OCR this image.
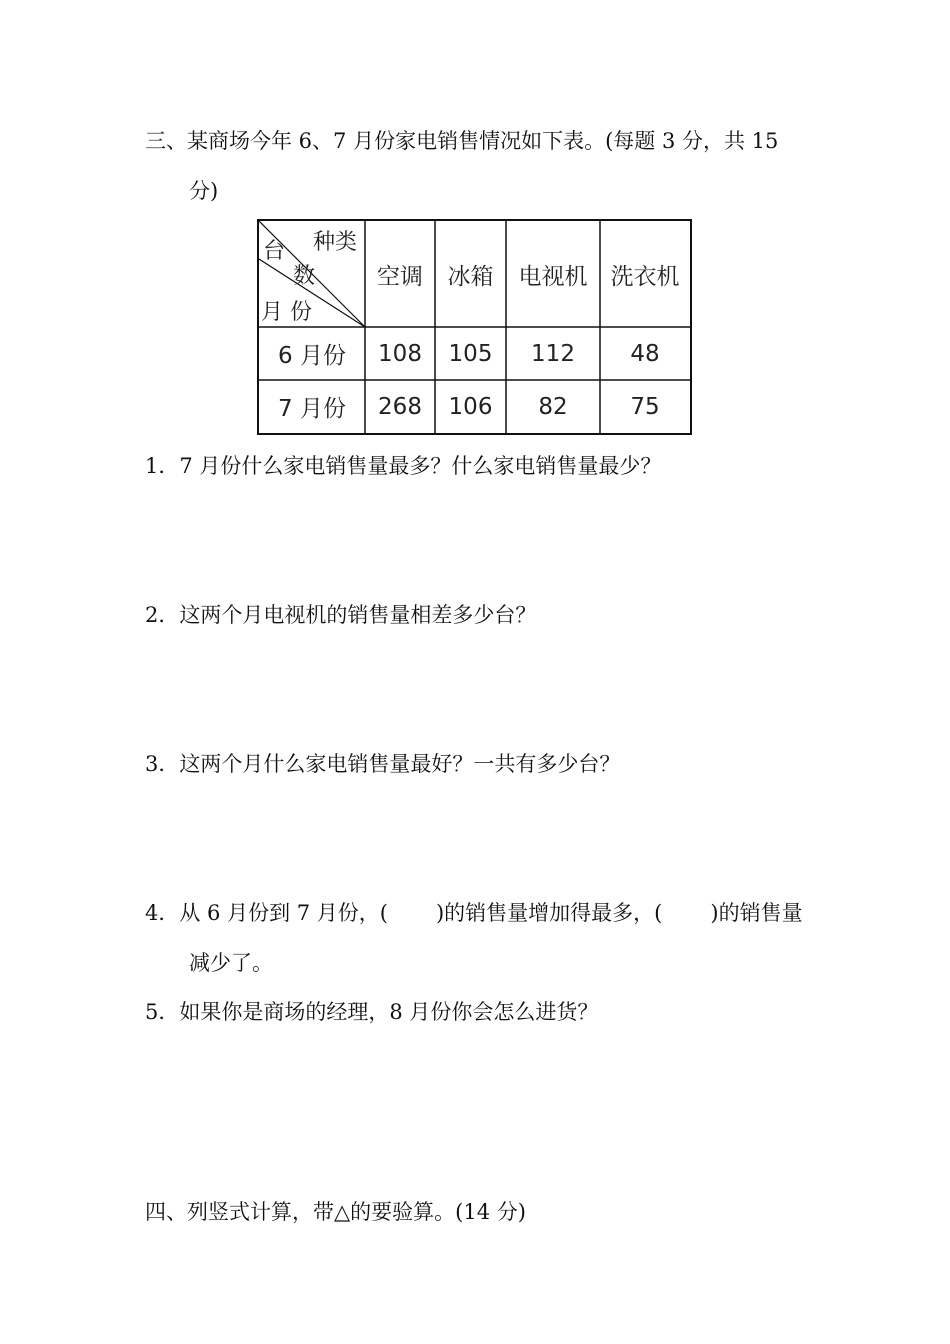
三、某商场今年 6、7 月份家电销售情况如下表。(每题 3 分，共 15
分)
种类
台
数
月 份
空调	冰箱	电视机	洗衣机
6 月份	108	105	112	48
7 月份	268	106	82	75
1．7 月份什么家电销售量最多？什么家电销售量最少？
2．这两个月电视机的销售量相差多少台？
3．这两个月什么家电销售量最好？一共有多少台？
4．从 6 月份到 7 月份，( )的销售量增加得最多，( )的销售量
减少了。
5．如果你是商场的经理，8 月份你会怎么进货？
四、列竖式计算，带△的要验算。(14 分)
